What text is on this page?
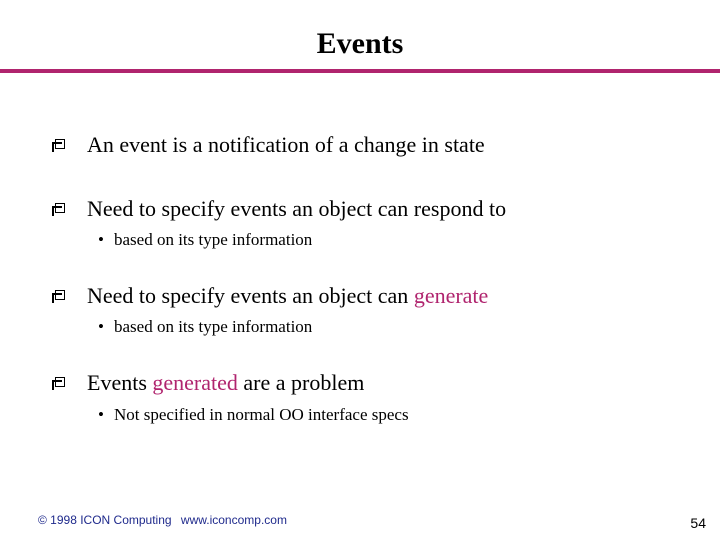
Events
An event is a notification of a change in state
Need to specify events an object can respond to
• based on its type information
Need to specify events an object can generate
• based on its type information
Events generated are a problem
• Not specified in normal OO interface specs
© 1998 ICON Computing www.iconcomp.com	54
